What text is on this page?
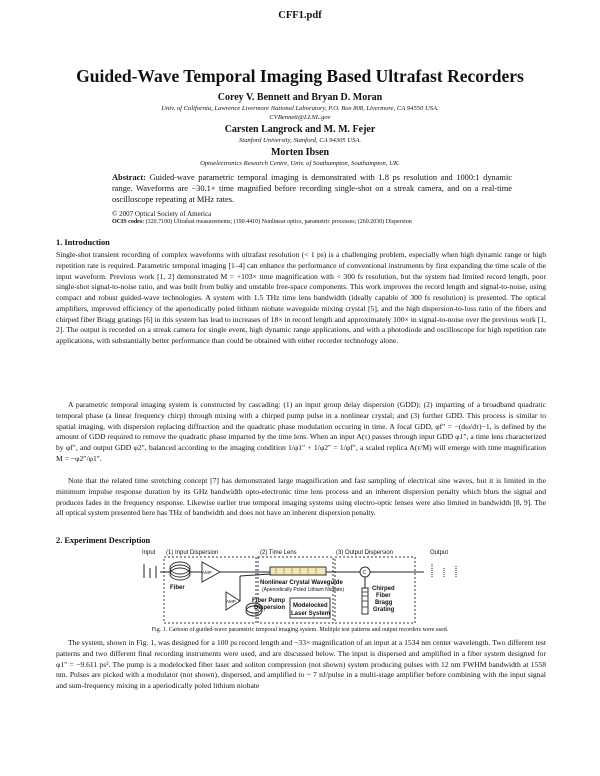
CFF1.pdf
Guided-Wave Temporal Imaging Based Ultrafast Recorders
Corey V. Bennett and Bryan D. Moran
Univ. of California, Lawrence Livermore National Laboratory, P.O. Box 808, Livermore, CA 94550 USA.
CVBennett@LLNL.gov
Carsten Langrock and M. M. Fejer
Stanford University, Stanford, CA 94305 USA.
Morten Ibsen
Optoelectronics Research Centre, Univ. of Southampton, Southampton, UK.
Abstract: Guided-wave parametric temporal imaging is demonstrated with 1.8 ps resolution and 1000:1 dynamic range. Waveforms are −30.1× time magnified before recording single-shot on a streak camera, and on a real-time oscilloscope repeating at MHz rates.
© 2007 Optical Society of America
OCIS codes: (320.7100) Ultrafast measurements; (190.4410) Nonlinear optics, parametric processes; (260.2030) Dispersion
1. Introduction
Single-shot transient recording of complex waveforms with ultrafast resolution (< 1 ps) is a challenging problem, especially when high dynamic range or high repetition rate is required. Parametric temporal imaging [1–4] can enhance the performance of conventional instruments by first expanding the time scale of the input waveform. Previous work [1, 2] demonstrated M = +103× time magnification with < 300 fs resolution, but the system had limited record length, poor single-shot signal-to-noise ratio, and was built from bulky and unstable free-space components. This work improves the record length and signal-to-noise, using compact and robust guided-wave technologies. A system with 1.5 THz time lens bandwidth (ideally capable of 300 fs resolution) is presented. The optical amplifiers, improved efficiency of the aperiodically poled lithium niobate waveguide mixing crystal [5], and the high dispersion-to-loss ratio of the fibers and chirped fiber Bragg gratings [6] in this system has lead to increases of 18× in record length and approximately 100× in signal-to-noise over the previous work [1, 2]. The output is recorded on a streak camera for single event, high dynamic range applications, and with a photodiode and oscilloscope for high repetition rate applications, with substantially better performance than could be obtained with either recorder technology alone.
A parametric temporal imaging system is constructed by cascading: (1) an input group delay dispersion (GDD); (2) imparting of a broadband quadratic temporal phase (a linear frequency chirp) through mixing with a chirped pump pulse in a nonlinear crystal; and (3) further GDD. This process is similar to spatial imaging, with dispersion replacing diffraction and the quadratic phase modulation occuring in time. A focal GDD, φf″ = −(dω/dτ)−1, is defined by the amount of GDD required to remove the quadratic phase imparted by the time lens. When an input A(τ) passes through input GDD φ1″, a time lens characterized by φf″, and output GDD φ2″, balanced according to the imaging condition 1/φ1″ + 1/φ2″ = 1/φf″, a scaled replica A(τ/M) will emerge with time magnification M = −φ2″/φ1″.
Note that the related time stretching concept [7] has demonstrated large magnification and fast sampling of electrical sine waves, but it is limited in the minimum impulse response duration by its GHz bandwidth opto-electronic time lens process and an inherent dispersion penalty which blurs the signal and produces fades in the frequency response. Likewise earlier true temporal imaging systems using electro-optic lenses were also limited in bandwidth [8, 9]. The all optical system presented here has THz of bandwidth and does not have an inherent dispersion penalty.
2. Experiment Description
Input (1) Input Dispersion	(2) Time Lens	(3) Output Dispersion	Output
Fiber
AMP
Nonlinear Crystal Waveguide
(Aperiodically Poled Lithium Niobate)
AMP	Fiber Pump
Dispersion Modelocked
Laser System
C
Chirped
Fiber
Bragg
Grating
Fig. 1. Cartoon of guided-wave parametric temporal imaging system. Multiple test patterns and output recorders were used.
The system, shown in Fig. 1, was designed for a 100 ps record length and −33× magnification of an input at a 1534 nm center wavelength. Two different test patterns and two different final recording instruments were used, and are discussed below. The input is dispersed and amplified in a fiber system designed for φ1″ = −9.611 ps². The pump is a modelocked fiber laser and soliton compression (not shown) system producing pulses with 12 nm FWHM bandwidth at 1558 nm. Pulses are picked with a modulator (not shown), dispersed, and amplified to ~ 7 nJ/pulse in a multi-stage amplifier before combining with the input signal and sum-frequency mixing in a aperiodically poled lithium niobate
